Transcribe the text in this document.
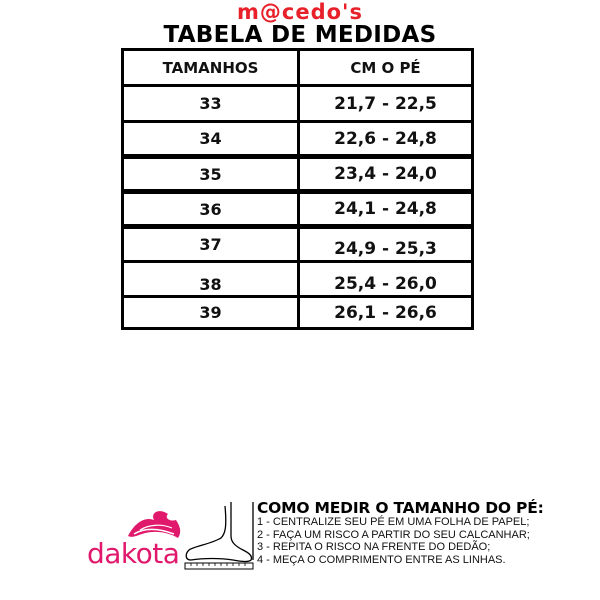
m@cedo's
TABELA DE MEDIDAS
TAMANHOS	CM O PÉ
33	21,7 - 22,5
34	22,6 - 24,8
35	23,4 - 24,0
36	24,1 - 24,8
37	24,9 - 25,3
38	25,4 - 26,0
39	26,1 - 26,6
dakota
COMO MEDIR O TAMANHO DO PÉ:
1 - CENTRALIZE SEU PÉ EM UMA FOLHA DE PAPEL;
2 - FAÇA UM RISCO A PARTIR DO SEU CALCANHAR;
3 - REPITA O RISCO NA FRENTE DO DEDÃO;
4 - MEÇA O COMPRIMENTO ENTRE AS LINHAS.
